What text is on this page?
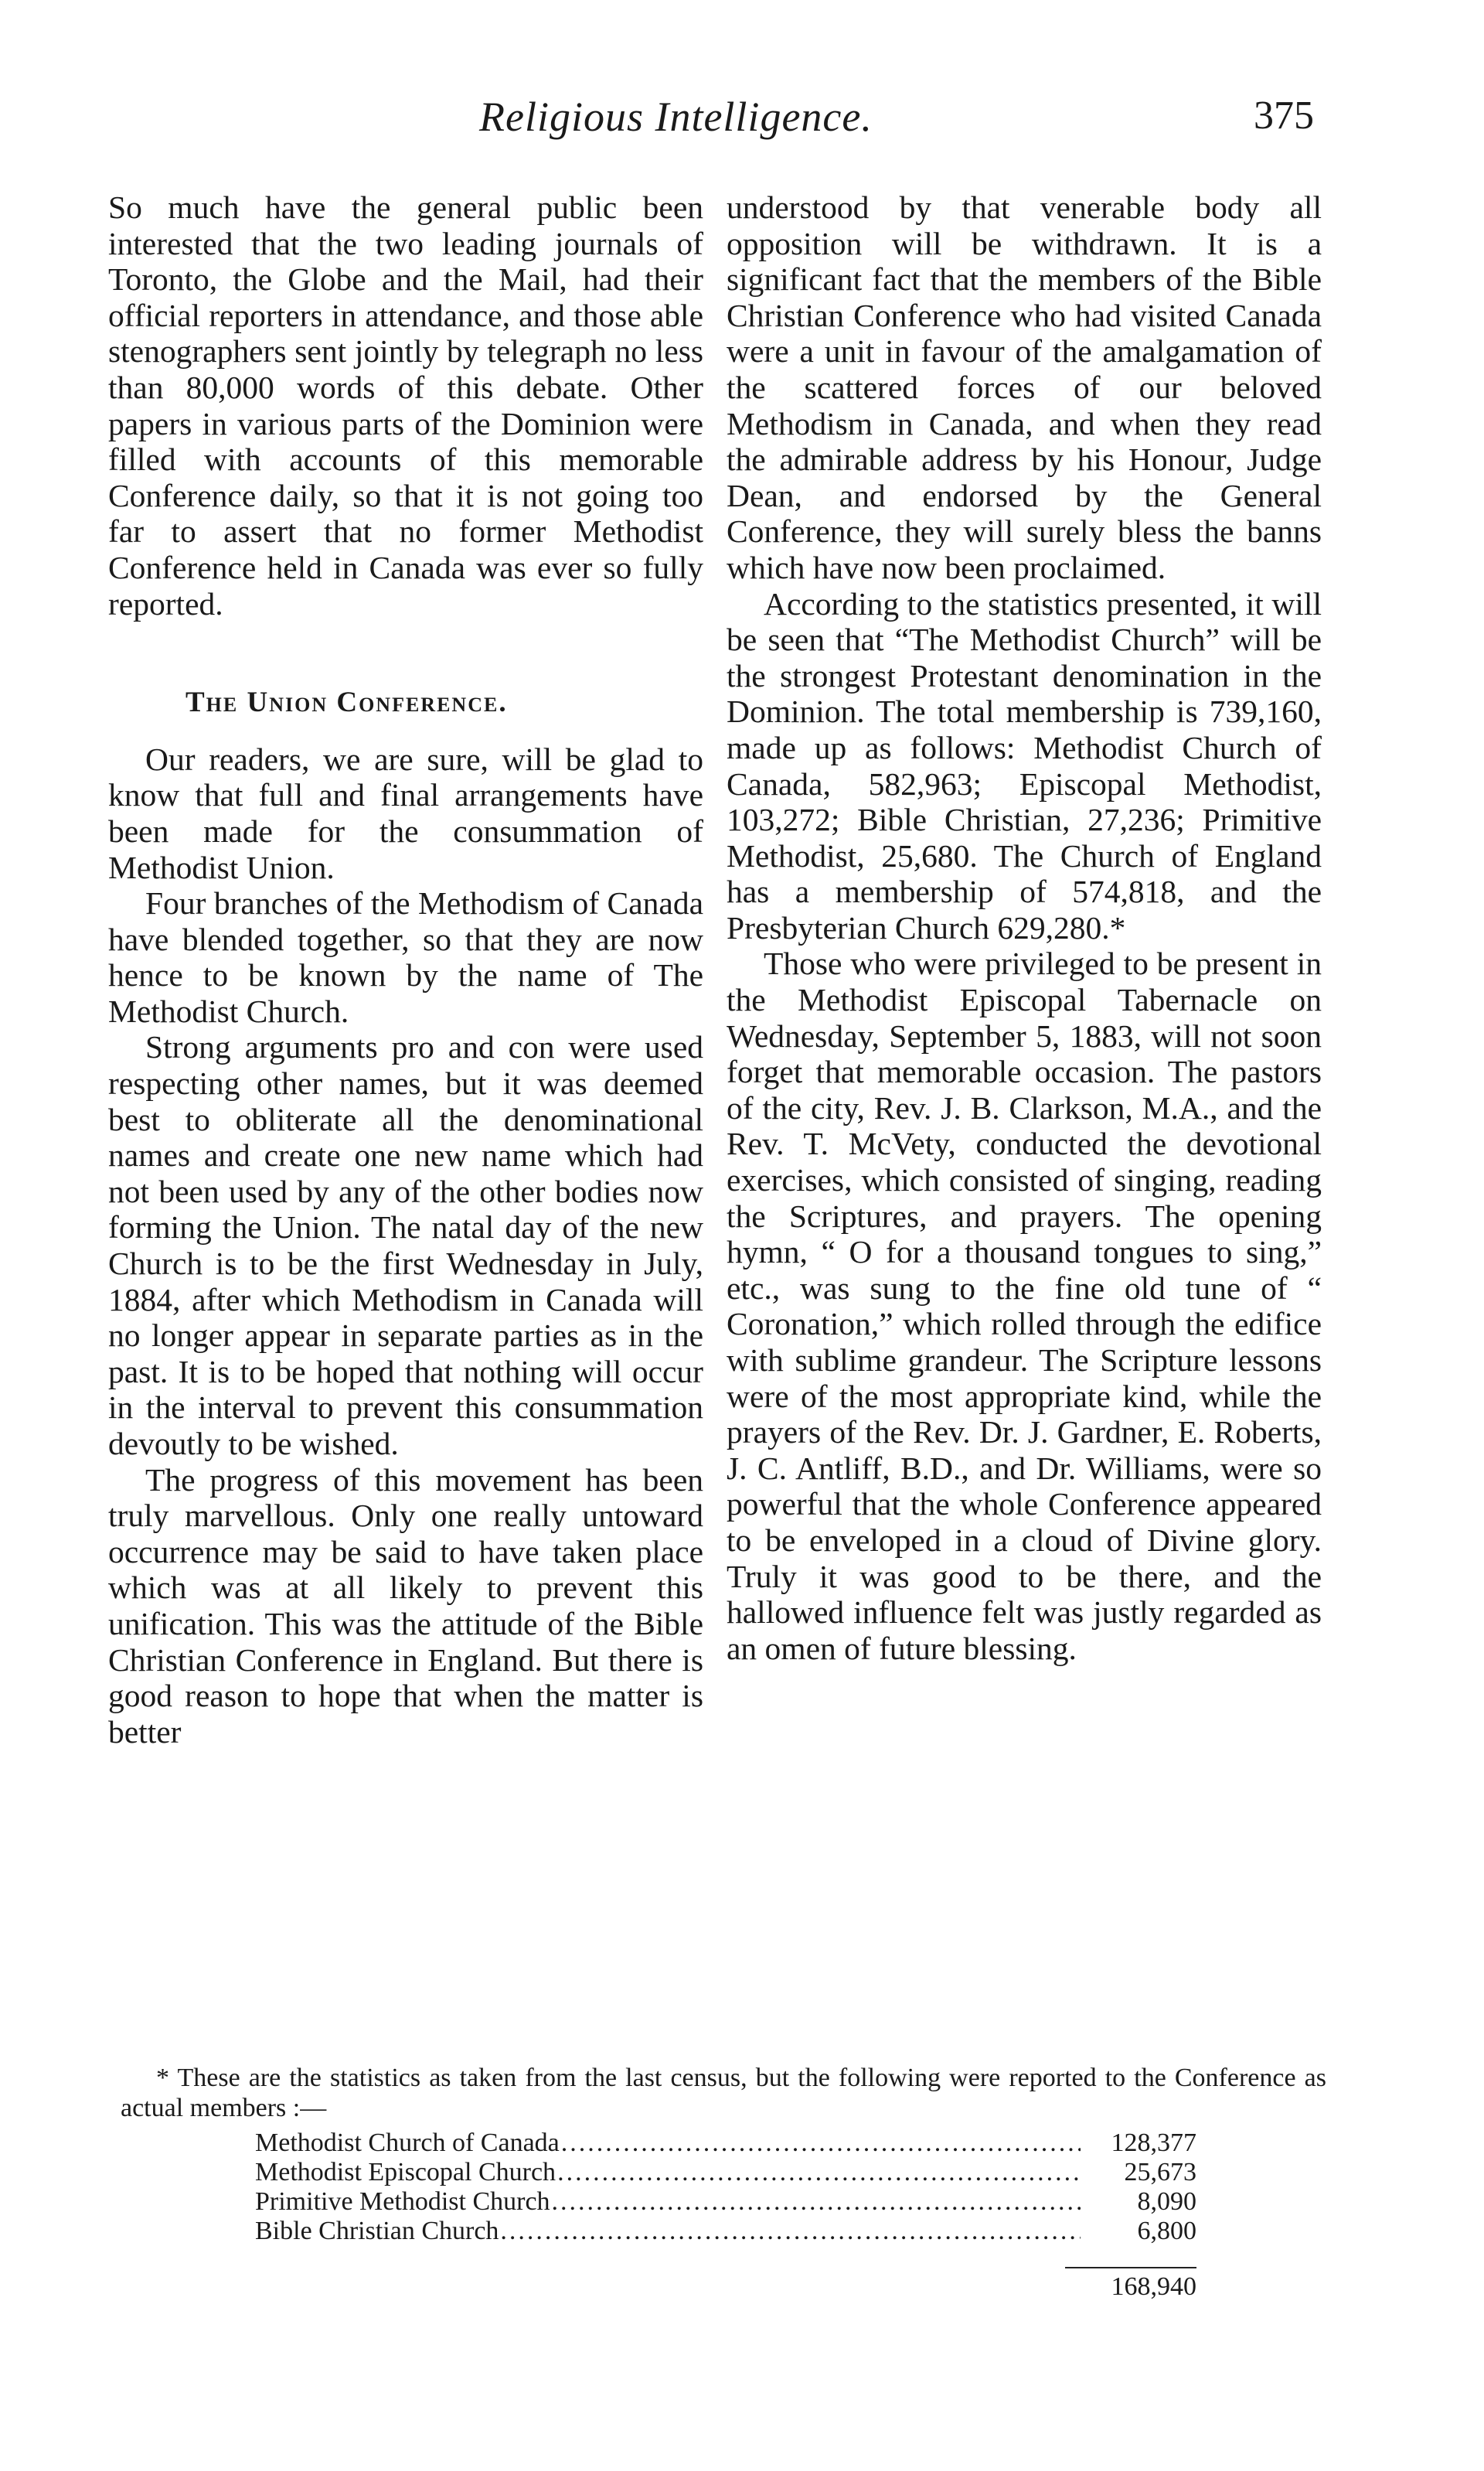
Religious Intelligence.	375

So much have the general public been interested that the two leading journals of Toronto, the Globe and the Mail, had their official reporters in attendance, and those able stenographers sent jointly by telegraph no less than 80,000 words of this debate. Other papers in various parts of the Dominion were filled with accounts of this memorable Conference daily, so that it is not going too far to assert that no former Methodist Conference held in Canada was ever so fully reported.

The Union Conference.

Our readers, we are sure, will be glad to know that full and final arrangements have been made for the consummation of Methodist Union.

Four branches of the Methodism of Canada have blended together, so that they are now hence to be known by the name of The Methodist Church.

Strong arguments pro and con were used respecting other names, but it was deemed best to obliterate all the denominational names and create one new name which had not been used by any of the other bodies now forming the Union. The natal day of the new Church is to be the first Wednesday in July, 1884, after which Methodism in Canada will no longer appear in separate parties as in the past. It is to be hoped that nothing will occur in the interval to prevent this consummation devoutly to be wished.

The progress of this movement has been truly marvellous. Only one really untoward occurrence may be said to have taken place which was at all likely to prevent this unification. This was the attitude of the Bible Christian Conference in England. But there is good reason to hope that when the matter is better

understood by that venerable body all opposition will be withdrawn. It is a significant fact that the members of the Bible Christian Conference who had visited Canada were a unit in favour of the amalgamation of the scattered forces of our beloved Methodism in Canada, and when they read the admirable address by his Honour, Judge Dean, and endorsed by the General Conference, they will surely bless the banns which have now been proclaimed.

According to the statistics presented, it will be seen that “The Methodist Church” will be the strongest Protestant denomination in the Dominion. The total membership is 739,160, made up as follows: Methodist Church of Canada, 582,963; Episcopal Methodist, 103,272; Bible Christian, 27,236; Primitive Methodist, 25,680. The Church of England has a membership of 574,818, and the Presbyterian Church 629,280.*

Those who were privileged to be present in the Methodist Episcopal Tabernacle on Wednesday, September 5, 1883, will not soon forget that memorable occasion. The pastors of the city, Rev. J. B. Clarkson, M.A., and the Rev. T. McVety, conducted the devotional exercises, which consisted of singing, reading the Scriptures, and prayers. The opening hymn, “ O for a thousand tongues to sing,” etc., was sung to the fine old tune of “ Coronation,” which rolled through the edifice with sublime grandeur. The Scripture lessons were of the most appropriate kind, while the prayers of the Rev. Dr. J. Gardner, E. Roberts, J. C. Antliff, B.D., and Dr. Williams, were so powerful that the whole Conference appeared to be enveloped in a cloud of Divine glory. Truly it was good to be there, and the hallowed influence felt was justly regarded as an omen of future blessing.

* These are the statistics as taken from the last census, but the following were reported to the Conference as actual members :—

Methodist Church of Canada .....	128,377
Methodist Episcopal Church .....	25,673
Primitive Methodist Church .....	8,090
Bible Christian Church .....	6,800
168,940
